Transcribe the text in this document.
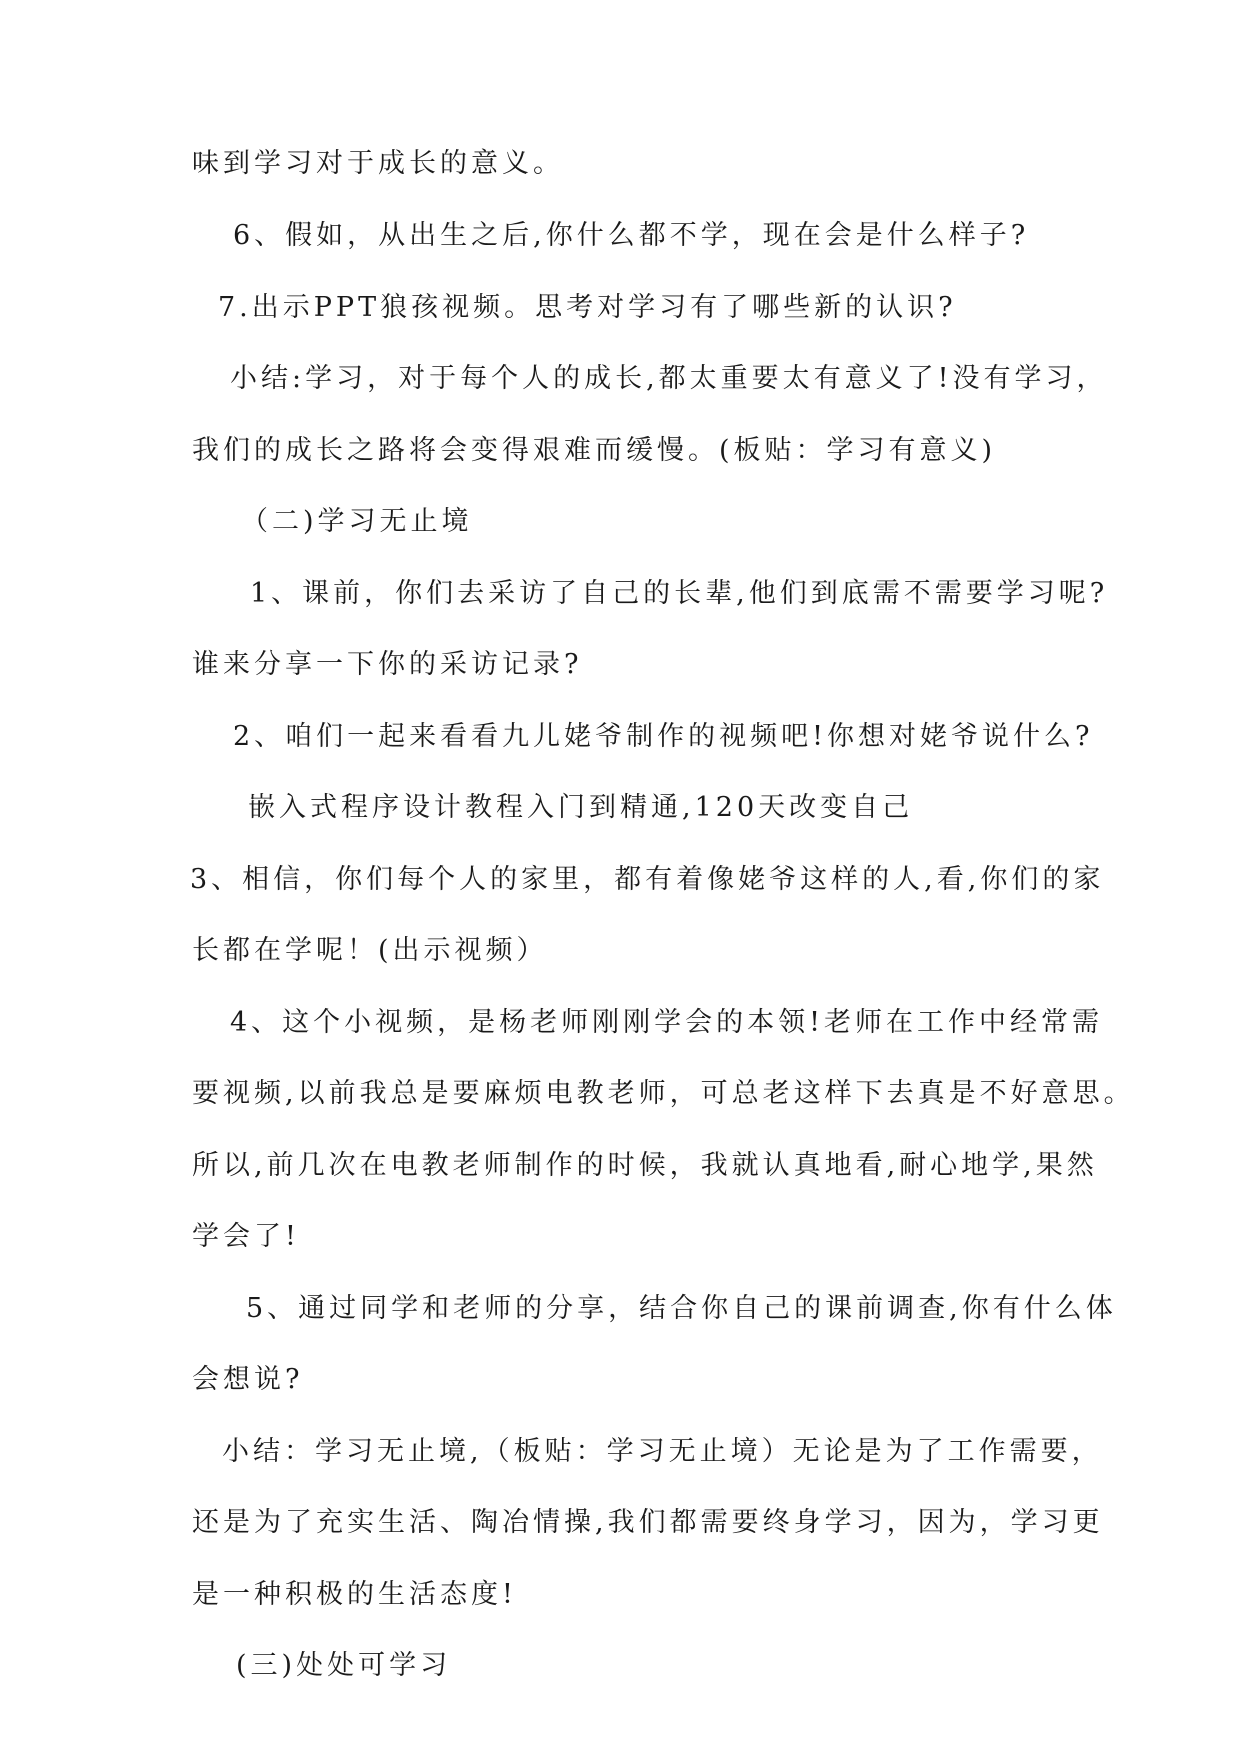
味到学习对于成长的意义。

6、假如，从出生之后,你什么都不学，现在会是什么样子?

7.出示PPT狼孩视频。思考对学习有了哪些新的认识?

小结:学习，对于每个人的成长,都太重要太有意义了!没有学习，

我们的成长之路将会变得艰难而缓慢。(板贴：学习有意义)

（二)学习无止境

1、课前，你们去采访了自己的长辈,他们到底需不需要学习呢?

谁来分享一下你的采访记录?

2、咱们一起来看看九儿姥爷制作的视频吧!你想对姥爷说什么?

嵌入式程序设计教程入门到精通,120天改变自己

3、相信，你们每个人的家里，都有着像姥爷这样的人,看,你们的家

长都在学呢！(出示视频）

4、这个小视频，是杨老师刚刚学会的本领!老师在工作中经常需

要视频,以前我总是要麻烦电教老师，可总老这样下去真是不好意思。

所以,前几次在电教老师制作的时候，我就认真地看,耐心地学,果然

学会了!

5、通过同学和老师的分享，结合你自己的课前调查,你有什么体

会想说?

小结：学习无止境,（板贴：学习无止境）无论是为了工作需要，

还是为了充实生活、陶冶情操,我们都需要终身学习，因为，学习更

是一种积极的生活态度!

(三)处处可学习
